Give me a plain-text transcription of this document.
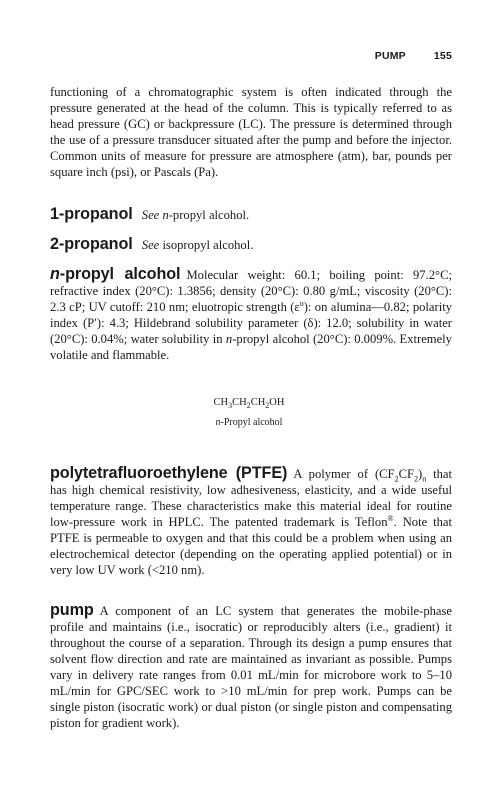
PUMP	155
functioning of a chromatographic system is often indicated through the pressure generated at the head of the column. This is typically referred to as head pressure (GC) or backpressure (LC). The pressure is determined through the use of a pressure transducer situated after the pump and before the injector. Common units of measure for pressure are atmosphere (atm), bar, pounds per square inch (psi), or Pascals (Pa).
1-propanol See n-propyl alcohol.
2-propanol See isopropyl alcohol.
n-propyl alcohol Molecular weight: 60.1; boiling point: 97.2°C; refractive index (20°C): 1.3856; density (20°C): 0.80 g/mL; viscosity (20°C): 2.3 cP; UV cutoff: 210 nm; eluotropic strength $(\varepsilon^o)$: on alumina—0.82; polarity index (P′): 4.3; Hildebrand solubility parameter (δ): 12.0; solubility in water (20°C): 0.04%; water solubility in n-propyl alcohol (20°C): 0.009%. Extremely volatile and flammable.
$CH_3CH_2CH_2OH$
n-Propyl alcohol
polytetrafluoroethylene (PTFE) A polymer of $(CF_2CF_2)_n$ that has high chemical resistivity, low adhesiveness, elasticity, and a wide useful temperature range. These characteristics make this material ideal for routine low-pressure work in HPLC. The patented trademark is Teflon®. Note that PTFE is permeable to oxygen and that this could be a problem when using an electrochemical detector (depending on the operating applied potential) or in very low UV work (<210 nm).
pump A component of an LC system that generates the mobile-phase profile and maintains (i.e., isocratic) or reproducibly alters (i.e., gradient) it throughout the course of a separation. Through its design a pump ensures that solvent flow direction and rate are maintained as invariant as possible. Pumps vary in delivery rate ranges from 0.01 mL/min for microbore work to 5–10 mL/min for GPC/SEC work to >10 mL/min for prep work. Pumps can be single piston (isocratic work) or dual piston (or single piston and compensating piston for gradient work).
